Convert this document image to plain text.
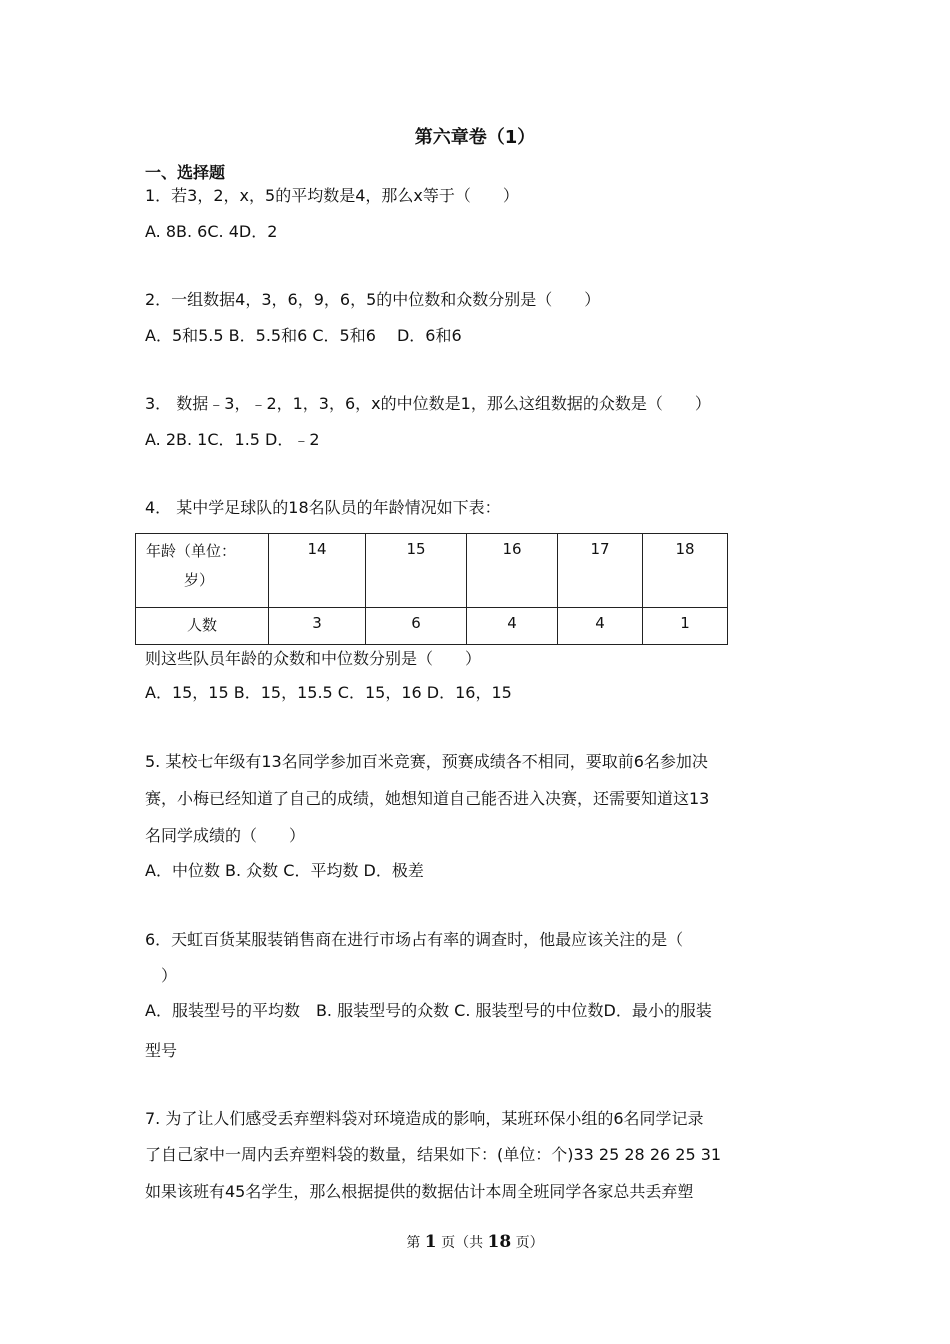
第六章卷（1）
一、选择题
1．若3，2，x，5的平均数是4，那么x等于（　　）
A. 8B. 6C. 4D．2
2．一组数据4，3，6，9，6，5的中位数和众数分别是（　　）
A．5和5.5 B．5.5和6 C．5和6　 D．6和6
3． 数据﹣3，﹣2，1，3，6，x的中位数是1，那么这组数据的众数是（　　）
A. 2B. 1C．1.5 D．﹣2
4． 某中学足球队的18名队员的年龄情况如下表：
年龄（单位：
岁）	14	15	16	17	18
人数	3	6	4	4	1
则这些队员年龄的众数和中位数分别是（　　）
A．15，15 B．15，15.5 C．15，16 D．16，15
5. 某校七年级有13名同学参加百米竞赛，预赛成绩各不相同，要取前6名参加决
赛，小梅已经知道了自己的成绩，她想知道自己能否进入决赛，还需要知道这13
名同学成绩的（　　）
A．中位数 B. 众数 C．平均数 D．极差
6．天虹百货某服装销售商在进行市场占有率的调查时，他最应该关注的是（
　）
A．服装型号的平均数　B. 服装型号的众数 C. 服装型号的中位数D．最小的服装
型号
7. 为了让人们感受丢弃塑料袋对环境造成的影响，某班环保小组的6名同学记录
了自己家中一周内丢弃塑料袋的数量，结果如下：(单位：个)33 25 28 26 25 31
如果该班有45名学生，那么根据提供的数据估计本周全班同学各家总共丢弃塑
第 1 页（共 18 页）
